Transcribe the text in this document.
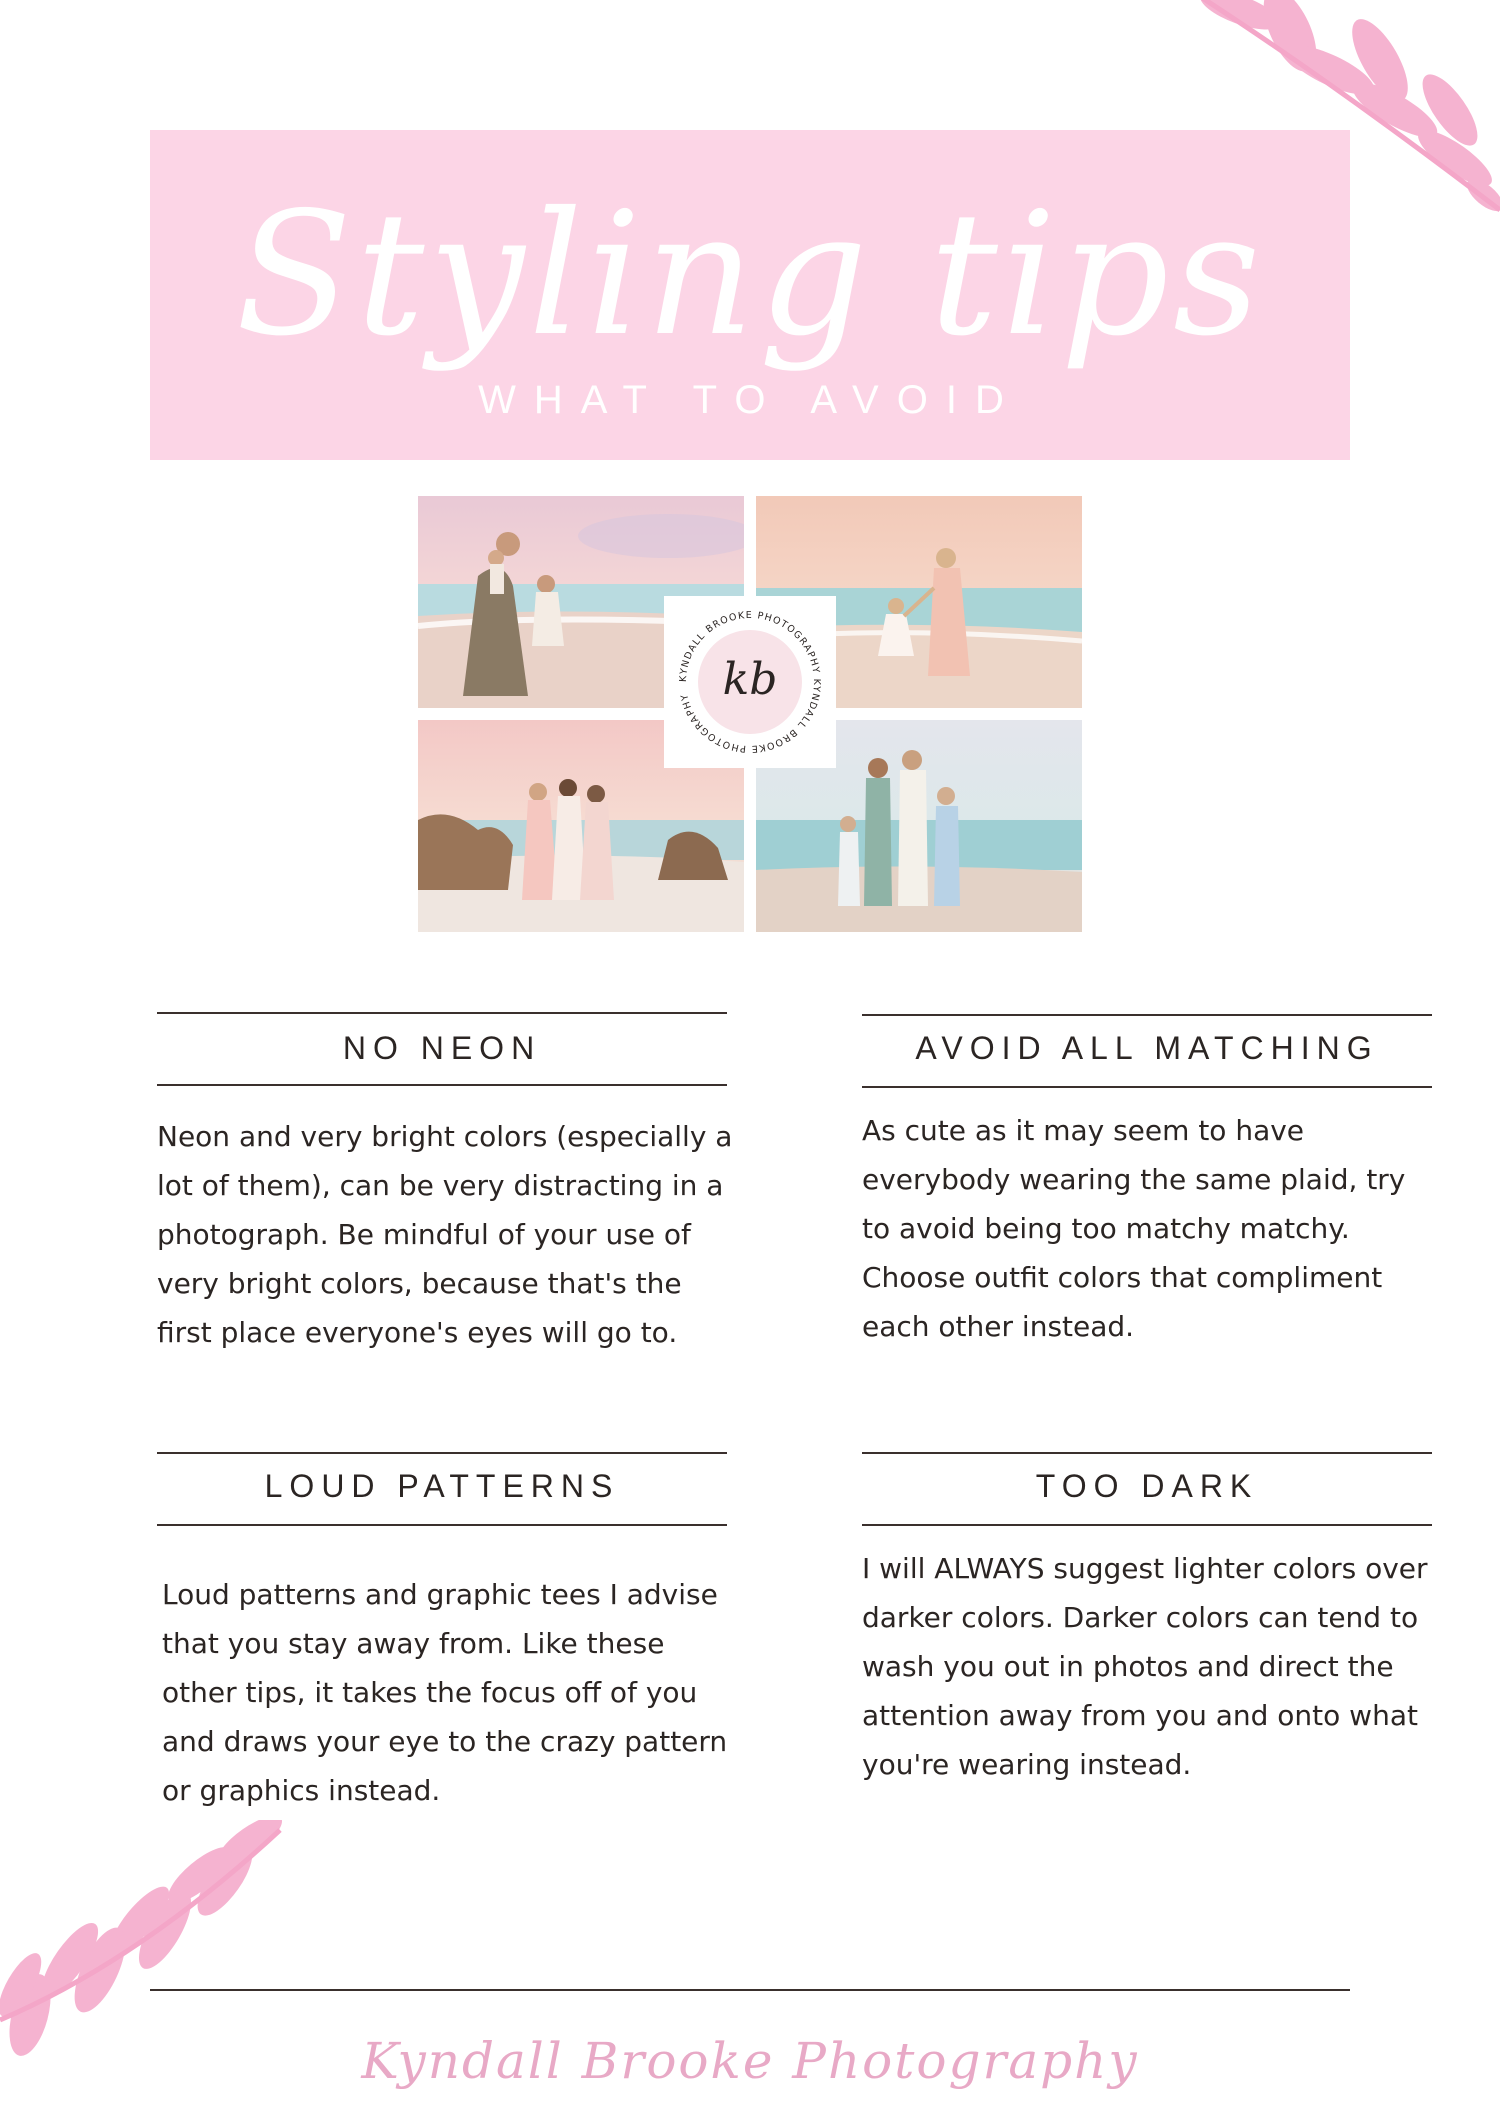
Styling tips
WHAT TO AVOID
KYNDALL BROOKE PHOTOGRAPHY KYNDALL BROOKE PHOTOGRAPHY kb
NO NEON

Neon and very bright colors (especially a lot of them), can be very distracting in a photograph. Be mindful of your use of very bright colors, because that's the first place everyone's eyes will go to.

AVOID ALL MATCHING

As cute as it may seem to have everybody wearing the same plaid, try to avoid being too matchy matchy. Choose outfit colors that compliment each other instead.

LOUD PATTERNS

Loud patterns and graphic tees I advise that you stay away from. Like these other tips, it takes the focus off of you and draws your eye to the crazy pattern or graphics instead.

TOO DARK

I will ALWAYS suggest lighter colors over darker colors. Darker colors can tend to wash you out in photos and direct the attention away from you and onto what you're wearing instead.

Kyndall Brooke Photography
